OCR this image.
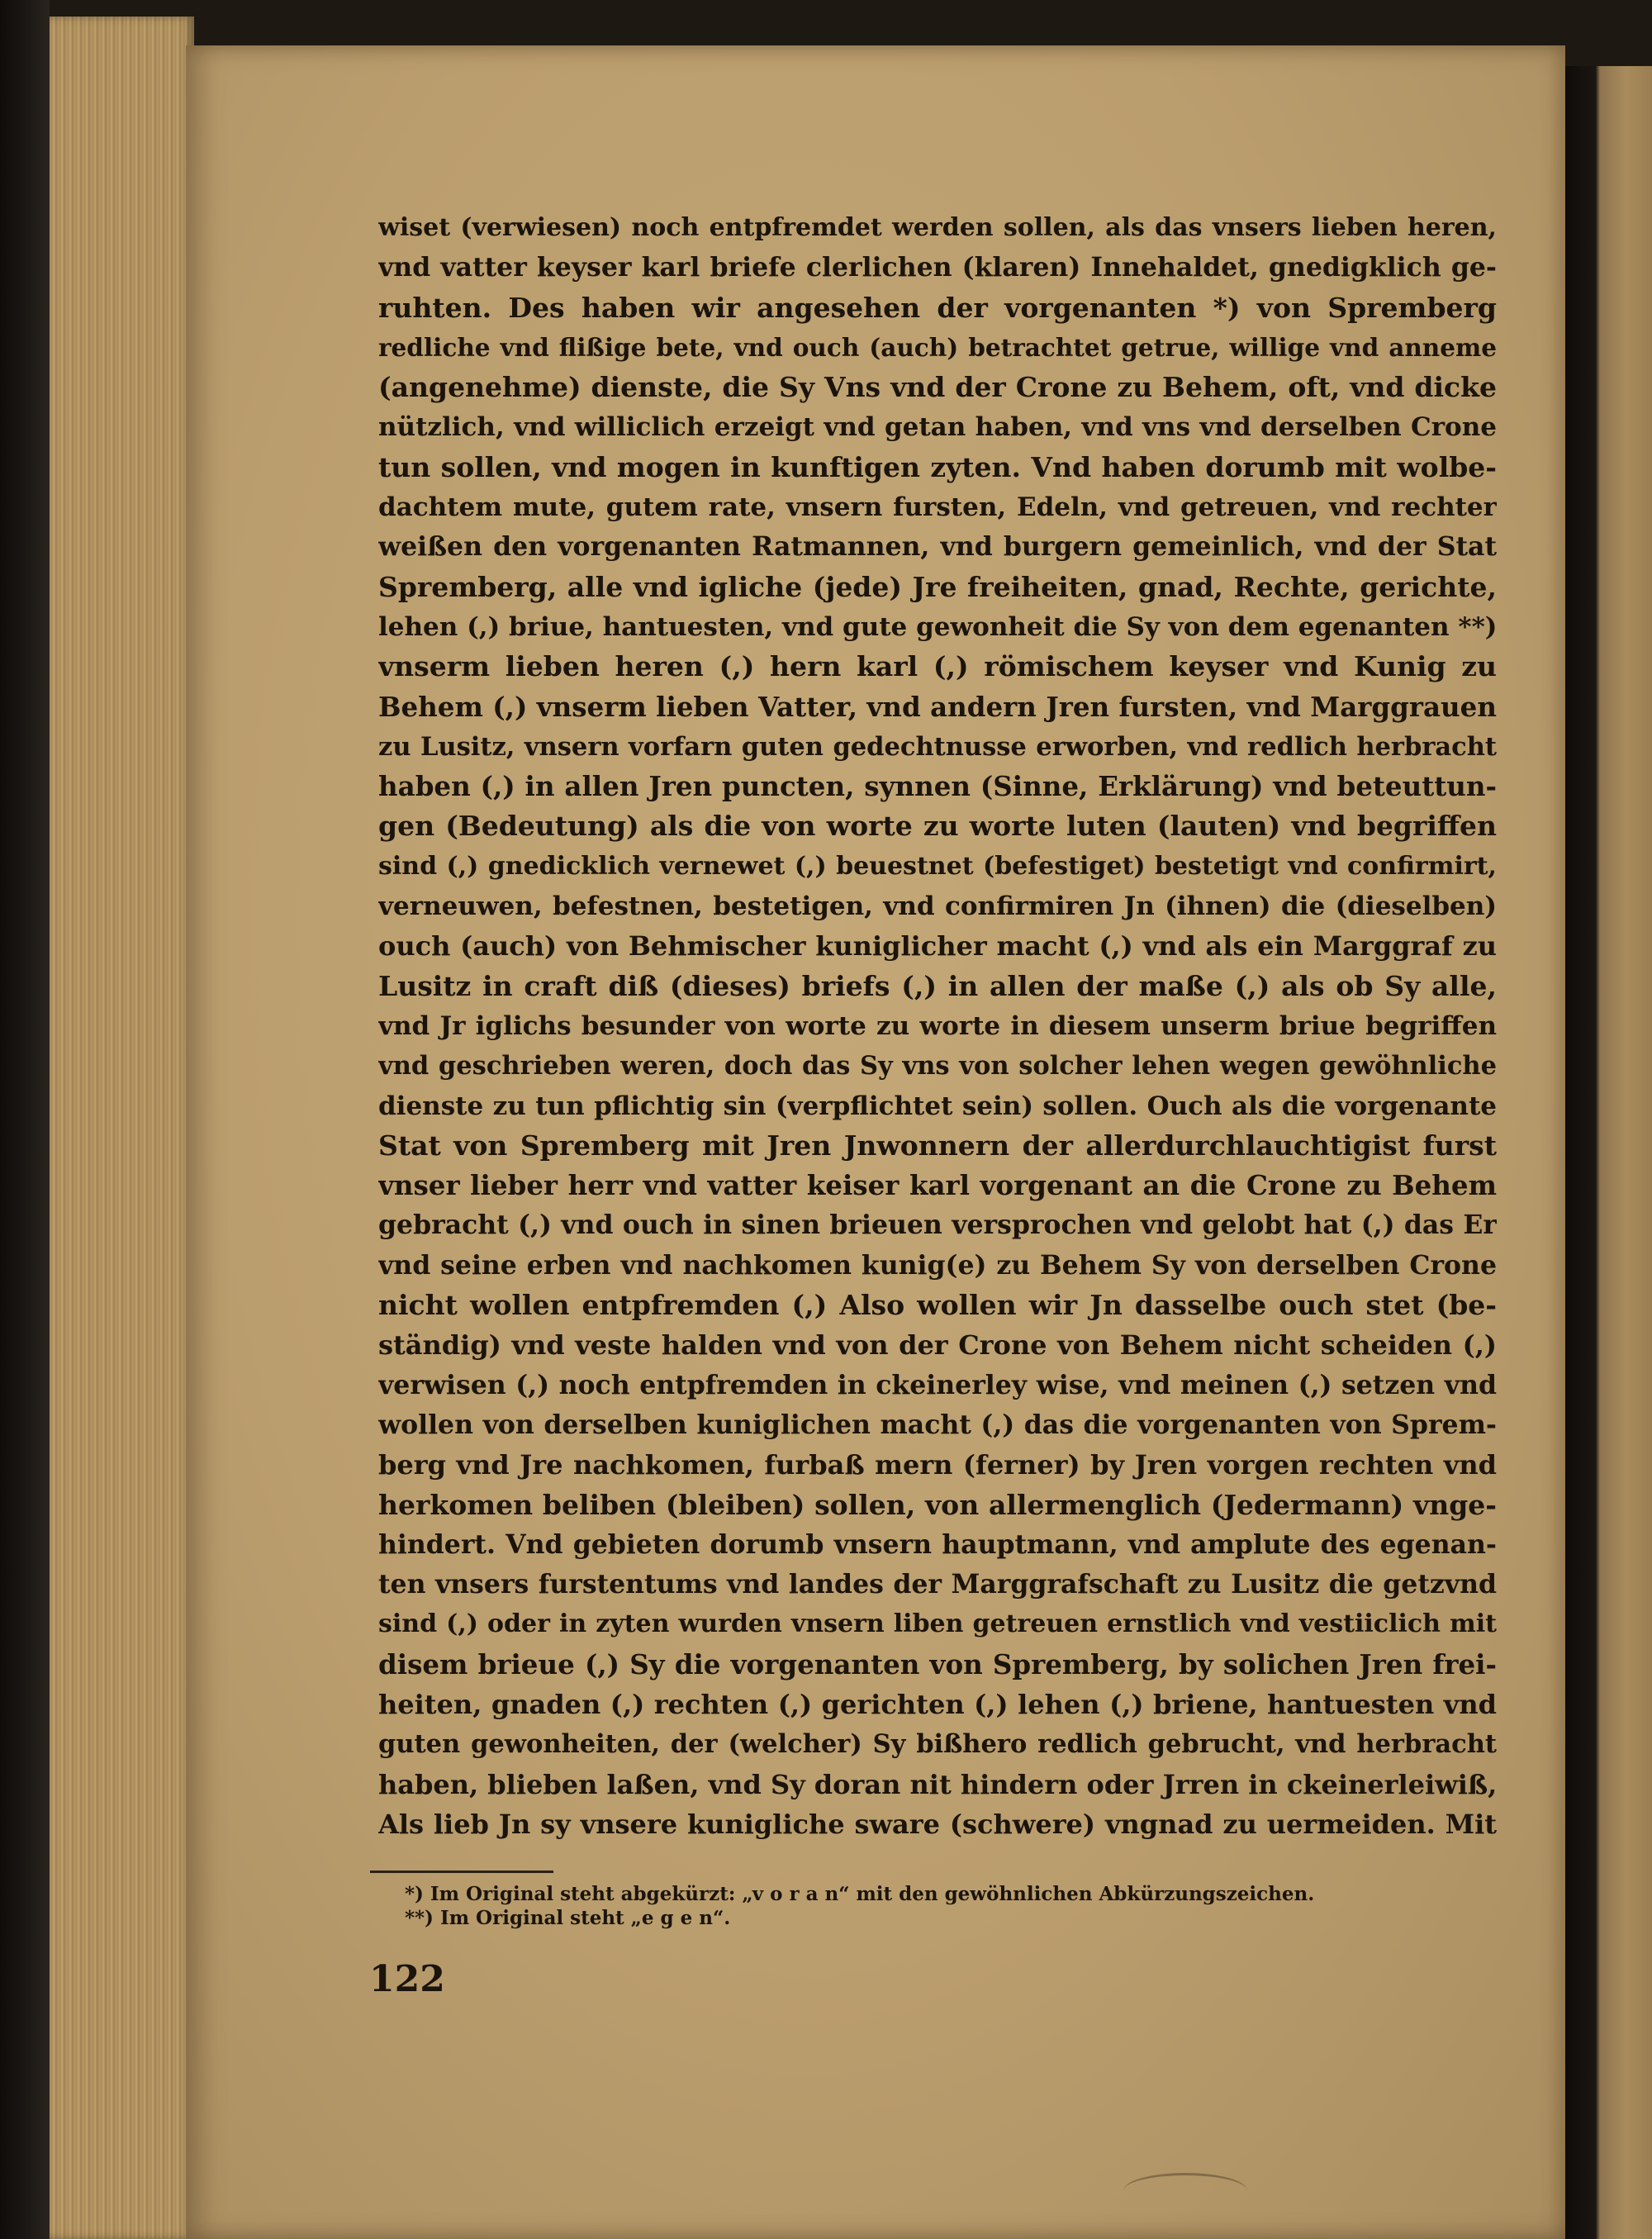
wiset (verwiesen) noch entpfremdet werden sollen, als das vnsers lieben heren,
vnd vatter keyser karl briefe clerlichen (klaren) Innehaldet, gnedigklich ge-
ruhten. Des haben wir angesehen der vorgenanten *) von Spremberg
redliche vnd flißige bete, vnd ouch (auch) betrachtet getrue, willige vnd anneme
(angenehme) dienste, die Sy Vns vnd der Crone zu Behem, oft, vnd dicke
nützlich, vnd williclich erzeigt vnd getan haben, vnd vns vnd derselben Crone
tun sollen, vnd mogen in kunftigen zyten. Vnd haben dorumb mit wolbe-
dachtem mute, gutem rate, vnsern fursten, Edeln, vnd getreuen, vnd rechter
weißen den vorgenanten Ratmannen, vnd burgern gemeinlich, vnd der Stat
Spremberg, alle vnd igliche (jede) Jre freiheiten, gnad, Rechte, gerichte,
lehen (,) briue, hantuesten, vnd gute gewonheit die Sy von dem egenanten **)
vnserm lieben heren (,) hern karl (,) römischem keyser vnd Kunig zu
Behem (,) vnserm lieben Vatter, vnd andern Jren fursten, vnd Marggrauen
zu Lusitz, vnsern vorfarn guten gedechtnusse erworben, vnd redlich herbracht
haben (,) in allen Jren puncten, synnen (Sinne, Erklärung) vnd beteuttun-
gen (Bedeutung) als die von worte zu worte luten (lauten) vnd begriffen
sind (,) gnedicklich vernewet (,) beuestnet (befestiget) bestetigt vnd confirmirt,
verneuwen, befestnen, bestetigen, vnd confirmiren Jn (ihnen) die (dieselben)
ouch (auch) von Behmischer kuniglicher macht (,) vnd als ein Marggraf zu
Lusitz in craft diß (dieses) briefs (,) in allen der maße (,) als ob Sy alle,
vnd Jr iglichs besunder von worte zu worte in diesem unserm briue begriffen
vnd geschrieben weren, doch das Sy vns von solcher lehen wegen gewöhnliche
dienste zu tun pflichtig sin (verpflichtet sein) sollen. Ouch als die vorgenante
Stat von Spremberg mit Jren Jnwonnern der allerdurchlauchtigist furst
vnser lieber herr vnd vatter keiser karl vorgenant an die Crone zu Behem
gebracht (,) vnd ouch in sinen brieuen versprochen vnd gelobt hat (,) das Er
vnd seine erben vnd nachkomen kunig(e) zu Behem Sy von derselben Crone
nicht wollen entpfremden (,) Also wollen wir Jn dasselbe ouch stet (be-
ständig) vnd veste halden vnd von der Crone von Behem nicht scheiden (,)
verwisen (,) noch entpfremden in ckeinerley wise, vnd meinen (,) setzen vnd
wollen von derselben kuniglichen macht (,) das die vorgenanten von Sprem-
berg vnd Jre nachkomen, furbaß mern (ferner) by Jren vorgen rechten vnd
herkomen beliben (bleiben) sollen, von allermenglich (Jedermann) vnge-
hindert. Vnd gebieten dorumb vnsern hauptmann, vnd amplute des egenan-
ten vnsers furstentums vnd landes der Marggrafschaft zu Lusitz die getzvnd
sind (,) oder in zyten wurden vnsern liben getreuen ernstlich vnd vestiiclich mit
disem brieue (,) Sy die vorgenanten von Spremberg, by solichen Jren frei-
heiten, gnaden (,) rechten (,) gerichten (,) lehen (,) briene, hantuesten vnd
guten gewonheiten, der (welcher) Sy bißhero redlich gebrucht, vnd herbracht
haben, blieben laßen, vnd Sy doran nit hindern oder Jrren in ckeinerleiwiß,
Als lieb Jn sy vnsere kunigliche sware (schwere) vngnad zu uermeiden. Mit
*) Im Original steht abgekürzt: „v o r a n“ mit den gewöhnlichen Abkürzungszeichen.
**) Im Original steht „e g e n“.
122
